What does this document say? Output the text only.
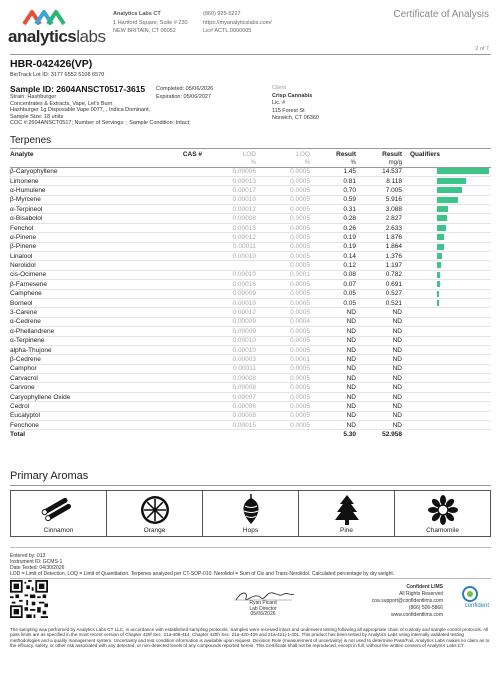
analyticslabs
Analytics Labs CT
1 Hartford Square, Suite # 230
NEW BRITAIN, CT 06052
(860) 925-5227
https://myanalyticslabs.com/
Lic# ACTL.0000005
Certificate of Analysis
2 of 7
HBR-042426(VP)
BioTrack Lot ID: 3177 6552 5108 6570
Sample ID: 2604ANSCT0517-3615 Completed: 05/06/2026
Expiration: 05/06/2027
Client
Crisp Cannabis
Lic. #
115 Forest St
Norwich, CT 06360
Strain: Hashburger
Concentrates & Extracts, Vape, Let's Burn
Hashburger 1g Disposable Vape 0077, , Indica Dominant,
Sample Size: 18 units
COC #:2604ANSCT0517; Number of Servings: ; Sample Condition: Intact;
Terpenes
Analyte	CAS #	LOD	LOQ	Result	Result	Qualifiers	
		%	%	%	mg/g		
β-Caryophyllene		0.00006	0.0005	1.45	14.537		
Limonene		0.00013	0.0005	0.81	8.118		
α-Humulene		0.00017	0.0005	0.70	7.005		
β-Myrcene		0.00010	0.0005	0.59	5.916		
α-Terpineol		0.00012	0.0005	0.31	3.088		
α-Bisabolol		0.00008	0.0005	0.28	2.827		
Fenchol		0.00015	0.0005	0.26	2.633		
α-Pinene		0.00012	0.0005	0.19	1.876		
β-Pinene		0.00011	0.0005	0.19	1.864		
Linalool		0.00010	0.0005	0.14	1.376		
Nerolidol			0.0005	0.12	1.197		
cis-Ocimene		0.00010	0.0001	0.08	0.782		
β-Farnesene		0.00016	0.0005	0.07	0.691		
Camphene		0.00009	0.0005	0.05	0.527		
Borneol		0.00010	0.0005	0.05	0.521		
3-Carene		0.00012	0.0005	ND	ND		
α-Cedrene		0.00009	0.0004	ND	ND		
α-Phellandrene		0.00009	0.0005	ND	ND		
α-Terpinene		0.00010	0.0005	ND	ND		
alpha-Thujone		0.00010	0.0005	ND	ND		
β-Cedrene		0.00003	0.0001	ND	ND		
Camphor		0.00011	0.0005	ND	ND		
Carvacrol		0.00008	0.0005	ND	ND		
Carvone		0.00008	0.0005	ND	ND		
Caryophyllene Oxide		0.00007	0.0005	ND	ND		
Cedrol		0.00006	0.0005	ND	ND		
Eucalyptol		0.00008	0.0005	ND	ND		
Fenchone		0.00015	0.0005	ND	ND		
Total				5.30	52.958		
Primary Aromas
Cinnamon	Orange	Hops	Pine	Chamomile
Entered by: 013
Instrument ID: GCMS-1
Date Tested: 04/30/2026
LOD = Limit of Detection, LOQ = Limit of Quantitation. Terpenes analyzed per CT-SOP-010. Nerolidol = Sum of Cis and Trans-Nerolidol. Calculated percentage by dry weight.
Ryan Picard
Lab Director
05/06/2026
Confident LIMS
All Rights Reserved
coa.support@confidentlims.com
(866) 506-5866
www.confidentlims.com
confident
The sampling was performed by Analytics Labs CT LLC, in accordance with established sampling protocols. Samples were received intact and underwent testing following all appropriate chain of custody and sample control protocols. All pass limits are as specified in the most recent version of Chapter 420f Sec. 21a-408-414, Chapter 420h Sec. 21a-420-429 and 21a-421j-1-401. This product has been tested by Analytics Labs using internally validated testing methodologies and a quality management system. Uncertainty and test condition information is available upon request. Decision Rule (measurement of uncertainty) is not used to determine Pass/Fail. Analytics Labs makes no claim as to the efficacy, safety, or other risk associated with any detected, or non-detected levels of any compounds reported herein. This Certificate shall not be reproduced, except in full, without the written consent of Analytics Labs CT.
